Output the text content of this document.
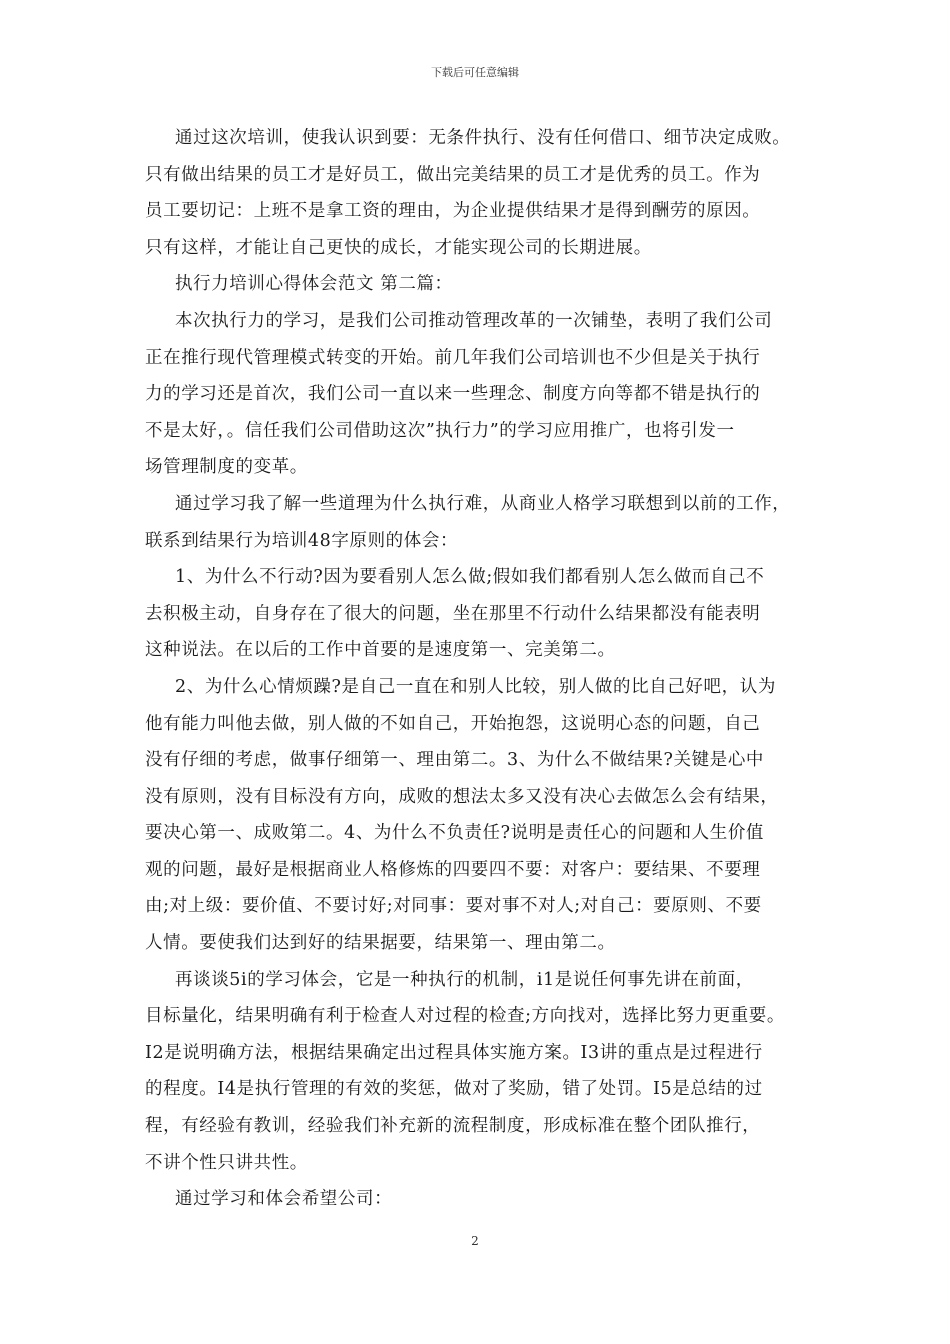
下载后可任意编辑
通过这次培训，使我认识到要：无条件执行、没有任何借口、细节决定成败。
只有做出结果的员工才是好员工，做出完美结果的员工才是优秀的员工。作为
员工要切记：上班不是拿工资的理由，为企业提供结果才是得到酬劳的原因。
只有这样，才能让自己更快的成长，才能实现公司的长期进展。
执行力培训心得体会范文 第二篇：
本次执行力的学习，是我们公司推动管理改革的一次铺垫，表明了我们公司
正在推行现代管理模式转变的开始。前几年我们公司培训也不少但是关于执行
力的学习还是首次，我们公司一直以来一些理念、制度方向等都不错是执行的
不是太好，。信任我们公司借助这次”执行力”的学习应用推广，也将引发一
场管理制度的变革。
通过学习我了解一些道理为什么执行难，从商业人格学习联想到以前的工作，
联系到结果行为培训48字原则的体会：
1、为什么不行动?因为要看别人怎么做;假如我们都看别人怎么做而自己不
去积极主动，自身存在了很大的问题，坐在那里不行动什么结果都没有能表明
这种说法。在以后的工作中首要的是速度第一、完美第二。
2、为什么心情烦躁?是自己一直在和别人比较，别人做的比自己好吧，认为
他有能力叫他去做，别人做的不如自己，开始抱怨，这说明心态的问题，自己
没有仔细的考虑，做事仔细第一、理由第二。3、为什么不做结果?关键是心中
没有原则，没有目标没有方向，成败的想法太多又没有决心去做怎么会有结果，
要决心第一、成败第二。4、为什么不负责任?说明是责任心的问题和人生价值
观的问题，最好是根据商业人格修炼的四要四不要：对客户：要结果、不要理
由;对上级：要价值、不要讨好;对同事：要对事不对人;对自己：要原则、不要
人情。要使我们达到好的结果据要，结果第一、理由第二。
再谈谈5i的学习体会，它是一种执行的机制，i1是说任何事先讲在前面，
目标量化，结果明确有利于检查人对过程的检查;方向找对，选择比努力更重要。
I2是说明确方法，根据结果确定出过程具体实施方案。I3讲的重点是过程进行
的程度。I4是执行管理的有效的奖惩，做对了奖励，错了处罚。I5是总结的过
程，有经验有教训，经验我们补充新的流程制度，形成标准在整个团队推行，
不讲个性只讲共性。
通过学习和体会希望公司：
2
